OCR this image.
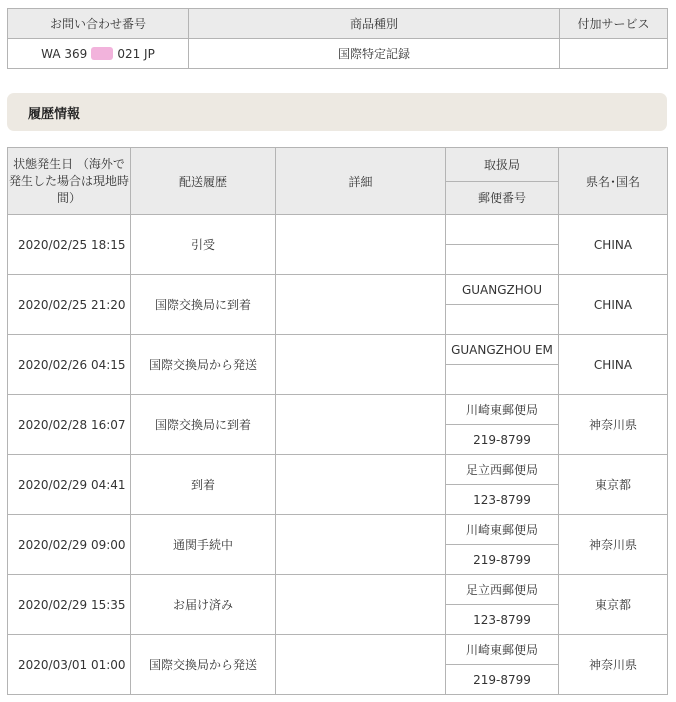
お問い合わせ番号	商品種別	付加サービス
WA 369 021 JP	国際特定記録	
履歴情報
状態発生日 （海外で発生した場合は現地時間）	配送履歴	詳細	取扱局	県名･国名
			郵便番号	
2020/02/25 18:15	引受			CHINA

2020/02/25 21:20	国際交換局に到着		GUANGZHOU	CHINA

2020/02/26 04:15	国際交換局から発送		GUANGZHOU EM	CHINA

2020/02/28 16:07	国際交換局に到着		川崎東郵便局	神奈川県
			219-8799	
2020/02/29 04:41	到着		足立西郵便局	東京都
			123-8799	
2020/02/29 09:00	通関手続中		川崎東郵便局	神奈川県
			219-8799	
2020/02/29 15:35	お届け済み		足立西郵便局	東京都
			123-8799	
2020/03/01 01:00	国際交換局から発送		川崎東郵便局	神奈川県
			219-8799	
